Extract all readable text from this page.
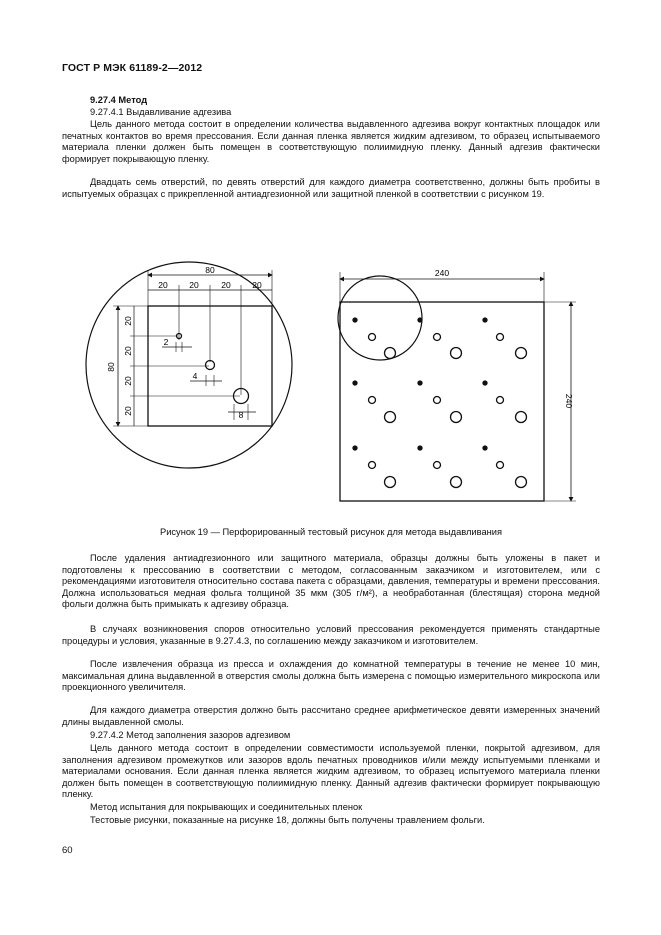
ГОСТ Р МЭК 61189-2—2012

9.27.4 Метод

9.27.4.1 Выдавливание адгезива

Цель данного метода состоит в определении количества выдавленного адгезива вокруг контактных площадок или печатных контактов во время прессования. Если данная пленка является жидким адгезивом, то образец испытываемого материала пленки должен быть помещен в соответствующую полиимидную пленку. Данный адгезив фактически формирует покрывающую пленку.

Двадцать семь отверстий, по девять отверстий для каждого диаметра соответственно, должны быть пробиты в испытуемых образцах с прикрепленной антиадгезионной или защитной пленкой в соответствии с рисунком 19.

80
20	20	20	20
80
20
20
20
20
2
4
8
240
240

Рисунок 19 — Перфорированный тестовый рисунок для метода выдавливания

После удаления антиадгезионного или защитного материала, образцы должны быть уложены в пакет и подготовлены к прессованию в соответствии с методом, согласованным заказчиком и изготовителем, или с рекомендациями изготовителя относительно состава пакета с образцами, давления, температуры и времени прессования. Должна использоваться медная фольга толщиной 35 мкм (305 г/м²), а необработанная (блестящая) сторона медной фольги должна быть примыкать к адгезиву образца.

В случаях возникновения споров относительно условий прессования рекомендуется применять стандартные процедуры и условия, указанные в 9.27.4.3, по соглашению между заказчиком и изготовителем.

После извлечения образца из пресса и охлаждения до комнатной температуры в течение не менее 10 мин, максимальная длина выдавленной в отверстия смолы должна быть измерена с помощью измерительного микроскопа или проекционного увеличителя.

Для каждого диаметра отверстия должно быть рассчитано среднее арифметическое девяти измеренных значений длины выдавленной смолы.

9.27.4.2 Метод заполнения зазоров адгезивом

Цель данного метода состоит в определении совместимости используемой пленки, покрытой адгезивом, для заполнения адгезивом промежутков или зазоров вдоль печатных проводников и/или между испытуемыми пленками и материалами основания. Если данная пленка является жидким адгезивом, то образец испытуемого материала пленки должен быть помещен в соответствующую полиимидную пленку. Данный адгезив фактически формирует покрывающую пленку.

Метод испытания для покрывающих и соединительных пленок

Тестовые рисунки, показанные на рисунке 18, должны быть получены травлением фольги.

60
